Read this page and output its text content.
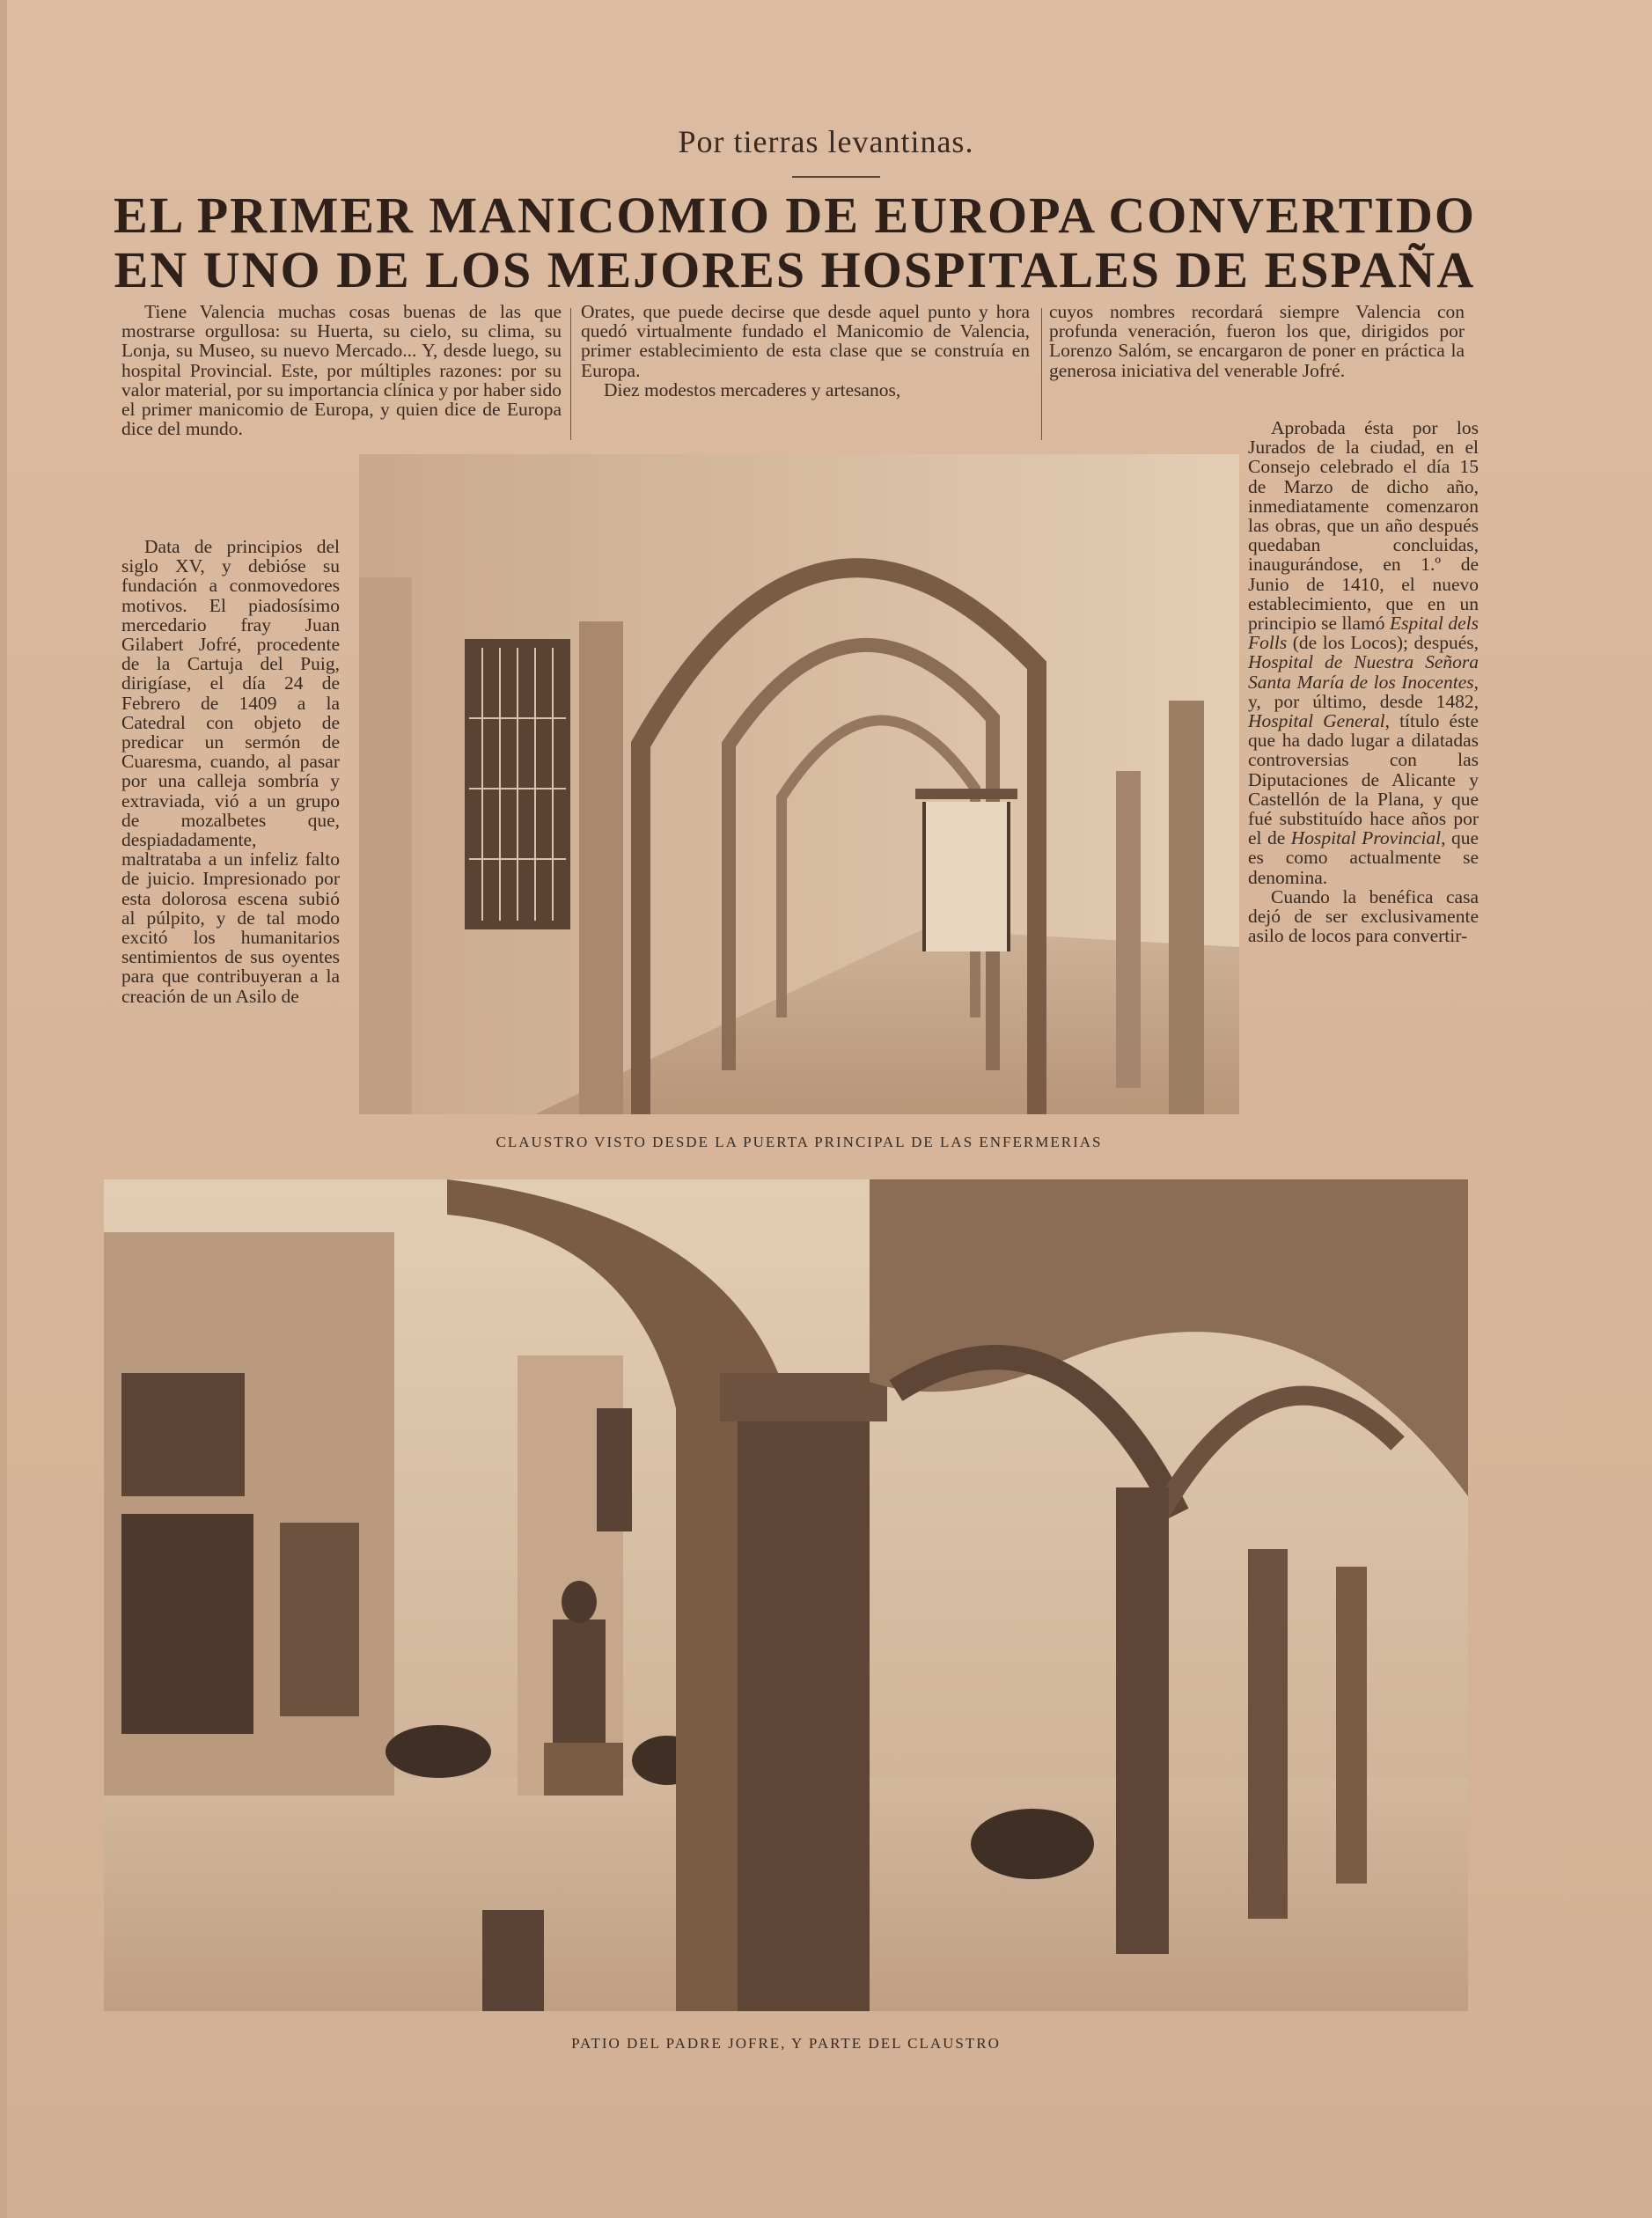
Por tierras levantinas.
EL PRIMER MANICOMIO DE EUROPA CONVERTIDO
EN UNO DE LOS MEJORES HOSPITALES DE ESPAÑA

Tiene Valencia muchas cosas buenas de las que mostrarse orgullosa: su Huerta, su cielo, su clima, su Lonja, su Museo, su nuevo Mercado... Y, desde luego, su hospital Provincial. Este, por múltiples razones: por su valor material, por su importancia clínica y por haber sido el primer manicomio de Europa, y quien dice de Europa dice del mundo.

Data de principios del siglo XV, y debióse su fundación a conmovedores motivos. El piadosísimo mercedario fray Juan Gilabert Jofré, procedente de la Cartuja del Puig, dirigíase, el día 24 de Febrero de 1409 a la Catedral con objeto de predicar un sermón de Cuaresma, cuando, al pasar por una calleja sombría y extraviada, vió a un grupo de mozalbetes que, despiadadamente, maltrataba a un infeliz falto de juicio. Impresionado por esta dolorosa escena subió al púlpito, y de tal modo excitó los humanitarios sentimientos de sus oyentes para que contribuyeran a la creación de un Asilo de

Orates, que puede decirse que desde aquel punto y hora quedó virtualmente fundado el Manicomio de Valencia, primer establecimiento de esta clase que se construía en Europa.

Diez modestos mercaderes y artesanos,

cuyos nombres recordará siempre Valencia con profunda veneración, fueron los que, dirigidos por Lorenzo Salóm, se encargaron de poner en práctica la generosa iniciativa del venerable Jofré.

Aprobada ésta por los Jurados de la ciudad, en el Consejo celebrado el día 15 de Marzo de dicho año, inmediatamente comenzaron las obras, que un año después quedaban concluidas, inaugurándose, en 1.º de Junio de 1410, el nuevo establecimiento, que en un principio se llamó Espital dels Folls (de los Locos); después, Hospital de Nuestra Señora Santa María de los Inocentes, y, por último, desde 1482, Hospital General, título éste que ha dado lugar a dilatadas controversias con las Diputaciones de Alicante y Castellón de la Plana, y que fué substituído hace años por el de Hospital Provincial, que es como actualmente se denomina.

Cuando la benéfica casa dejó de ser exclusivamente asilo de locos para convertir-

CLAUSTRO VISTO DESDE LA PUERTA PRINCIPAL DE LAS ENFERMERIAS
PATIO DEL PADRE JOFRE, Y PARTE DEL CLAUSTRO
